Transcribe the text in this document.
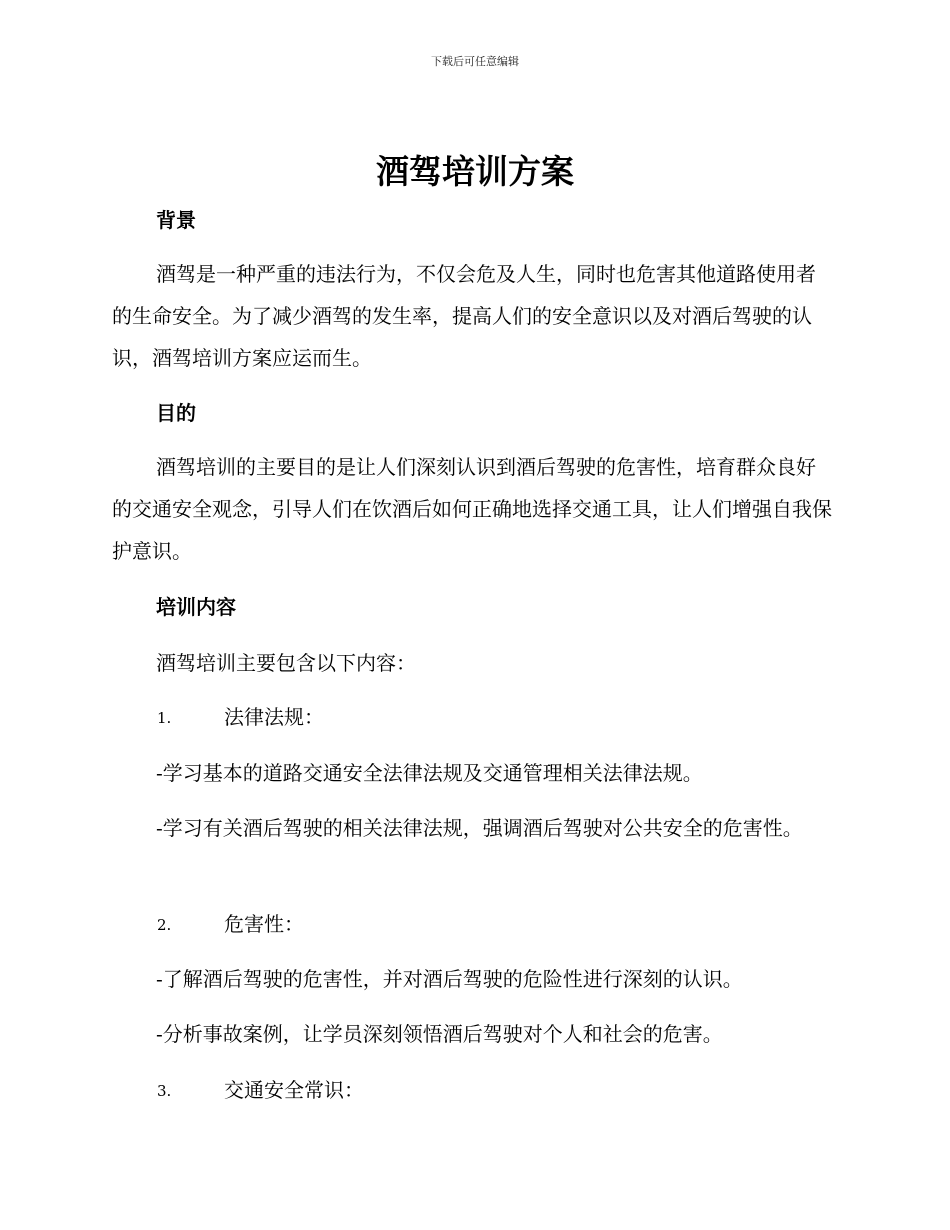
下载后可任意编辑
酒驾培训方案
背景

酒驾是一种严重的违法行为，不仅会危及人生，同时也危害其他道路使用者的生命安全。为了减少酒驾的发生率，提高人们的安全意识以及对酒后驾驶的认识，酒驾培训方案应运而生。

目的

酒驾培训的主要目的是让人们深刻认识到酒后驾驶的危害性，培育群众良好的交通安全观念，引导人们在饮酒后如何正确地选择交通工具，让人们增强自我保护意识。

培训内容

酒驾培训主要包含以下内容：

1.	法律法规：

-学习基本的道路交通安全法律法规及交通管理相关法律法规。

-学习有关酒后驾驶的相关法律法规，强调酒后驾驶对公共安全的危害性。

2.	危害性：

-了解酒后驾驶的危害性，并对酒后驾驶的危险性进行深刻的认识。

-分析事故案例，让学员深刻领悟酒后驾驶对个人和社会的危害。

3.	交通安全常识：
